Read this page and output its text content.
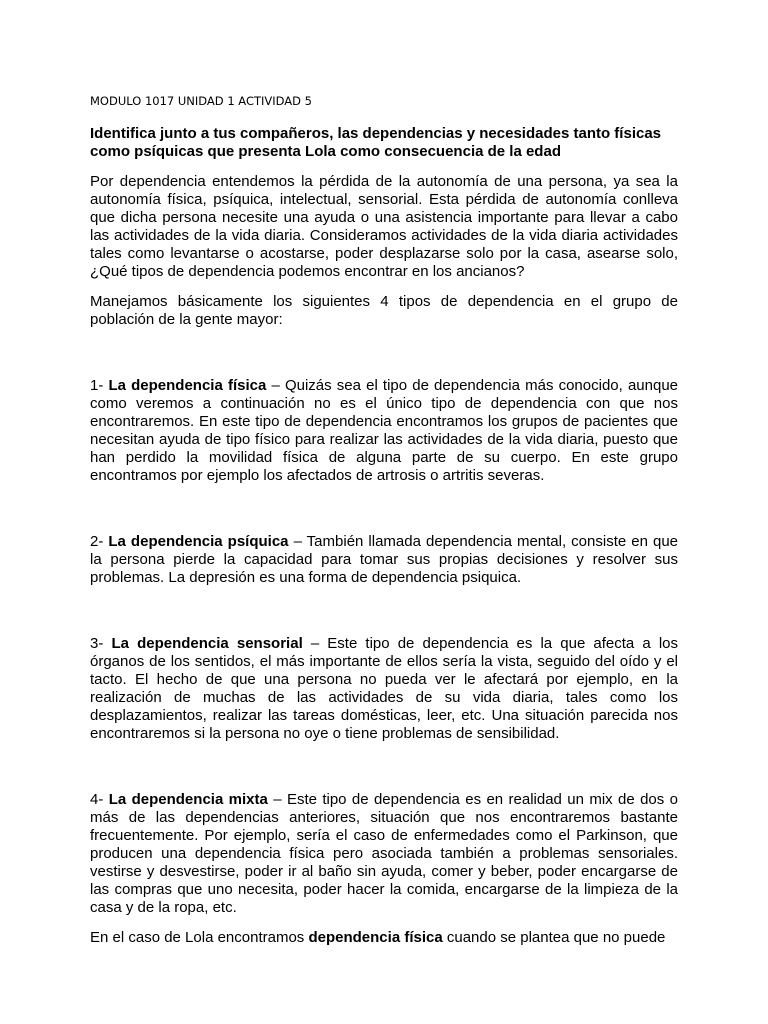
MODULO 1017 UNIDAD 1 ACTIVIDAD 5
Identifica junto a tus compañeros, las dependencias y necesidades tanto físicas como psíquicas que presenta Lola como consecuencia de la edad

Por dependencia entendemos la pérdida de la autonomía de una persona, ya sea la autonomía física, psíquica, intelectual, sensorial. Esta pérdida de autonomía conlleva que dicha persona necesite una ayuda o una asistencia importante para llevar a cabo las actividades de la vida diaria. Consideramos actividades de la vida diaria actividades tales como levantarse o acostarse, poder desplazarse solo por la casa, asearse solo, ¿Qué tipos de dependencia podemos encontrar en los ancianos?

Manejamos básicamente los siguientes 4 tipos de dependencia en el grupo de población de la gente mayor:

1- La dependencia física – Quizás sea el tipo de dependencia más conocido, aunque como veremos a continuación no es el único tipo de dependencia con que nos encontraremos. En este tipo de dependencia encontramos los grupos de pacientes que necesitan ayuda de tipo físico para realizar las actividades de la vida diaria, puesto que han perdido la movilidad física de alguna parte de su cuerpo. En este grupo encontramos por ejemplo los afectados de artrosis o artritis severas.

2- La dependencia psíquica – También llamada dependencia mental, consiste en que la persona pierde la capacidad para tomar sus propias decisiones y resolver sus problemas. La depresión es una forma de dependencia psiquica.

3- La dependencia sensorial – Este tipo de dependencia es la que afecta a los órganos de los sentidos, el más importante de ellos sería la vista, seguido del oído y el tacto. El hecho de que una persona no pueda ver le afectará por ejemplo, en la realización de muchas de las actividades de su vida diaria, tales como los desplazamientos, realizar las tareas domésticas, leer, etc. Una situación parecida nos encontraremos si la persona no oye o tiene problemas de sensibilidad.

4- La dependencia mixta – Este tipo de dependencia es en realidad un mix de dos o más de las dependencias anteriores, situación que nos encontraremos bastante frecuentemente. Por ejemplo, sería el caso de enfermedades como el Parkinson, que producen una dependencia física pero asociada también a problemas sensoriales. vestirse y desvestirse, poder ir al baño sin ayuda, comer y beber, poder encargarse de las compras que uno necesita, poder hacer la comida, encargarse de la limpieza de la casa y de la ropa, etc.

En el caso de Lola encontramos dependencia física cuando se plantea que no puede
